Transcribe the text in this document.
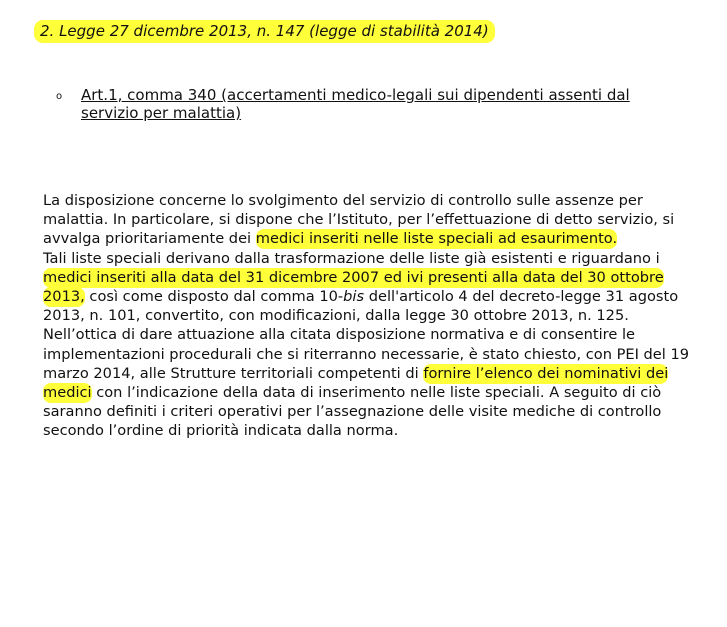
2. Legge 27 dicembre 2013, n. 147 (legge di stabilità 2014)
o Art.1, comma 340 (accertamenti medico-legali sui dipendenti assenti dal servizio per malattia)

La disposizione concerne lo svolgimento del servizio di controllo sulle assenze per malattia. In particolare, si dispone che l’Istituto, per l’effettuazione di detto servizio, si avvalga prioritariamente dei medici inseriti nelle liste speciali ad esaurimento.

Tali liste speciali derivano dalla trasformazione delle liste già esistenti e riguardano i medici inseriti alla data del 31 dicembre 2007 ed ivi presenti alla data del 30 ottobre 2013, così come disposto dal comma 10-bis dell'articolo 4 del decreto-legge 31 agosto 2013, n. 101, convertito, con modificazioni, dalla legge 30 ottobre 2013, n. 125.

Nell’ottica di dare attuazione alla citata disposizione normativa e di consentire le implementazioni procedurali che si riterranno necessarie, è stato chiesto, con PEI del 19 marzo 2014, alle Strutture territoriali competenti di fornire l’elenco dei nominativi dei medici con l’indicazione della data di inserimento nelle liste speciali. A seguito di ciò saranno definiti i criteri operativi per l’assegnazione delle visite mediche di controllo secondo l’ordine di priorità indicata dalla norma.
